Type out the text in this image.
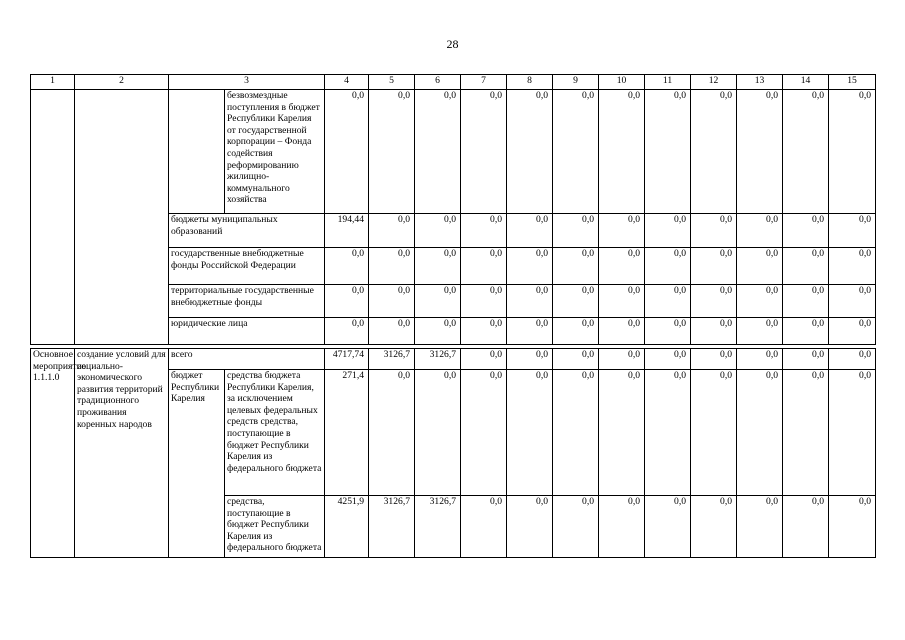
28
1	2	3		4	5	6	7	8	9	10	11	12	13	14	15
			безвозмездные поступления в бюджет Республики Карелия от государственной корпорации – Фонда содействия реформированию жилищно-коммунального хозяйства	0,0	0,0	0,0	0,0	0,0	0,0	0,0	0,0	0,0	0,0	0,0	0,0
		бюджеты муниципальных образований		194,44	0,0	0,0	0,0	0,0	0,0	0,0	0,0	0,0	0,0	0,0	0,0
		государственные внебюджетные фонды Российской Федерации		0,0	0,0	0,0	0,0	0,0	0,0	0,0	0,0	0,0	0,0	0,0	0,0
		территориальные государственные внебюджетные фонды		0,0	0,0	0,0	0,0	0,0	0,0	0,0	0,0	0,0	0,0	0,0	0,0
		юридические лица		0,0	0,0	0,0	0,0	0,0	0,0	0,0	0,0	0,0	0,0	0,0	0,0

Основное мероприятие 1.1.1.0	создание условий для социально-экономического развития территорий традиционного проживания коренных народов	всего		4717,74	3126,7	3126,7	0,0	0,0	0,0	0,0	0,0	0,0	0,0	0,0	0,0
		бюджет Республики Карелия	средства бюджета Республики Карелия, за исключением целевых федеральных средств средства, поступающие в бюджет Республики Карелия из федерального бюджета	271,4	0,0	0,0	0,0	0,0	0,0	0,0	0,0	0,0	0,0	0,0	0,0
			средства, поступающие в бюджет Республики Карелия из федерального бюджета	4251,9	3126,7	3126,7	0,0	0,0	0,0	0,0	0,0	0,0	0,0	0,0	0,0
